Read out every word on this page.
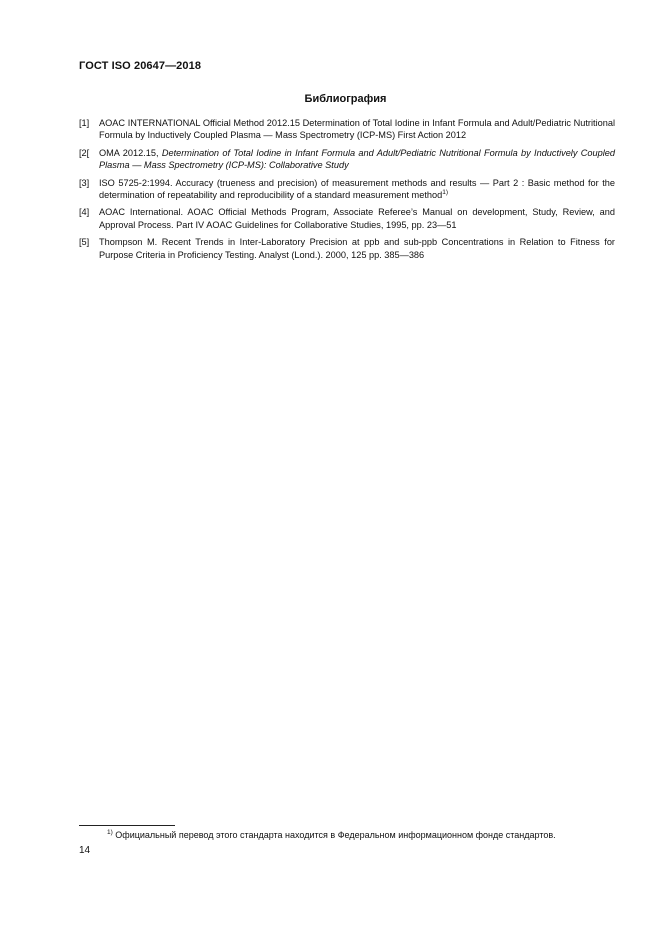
ГОСТ ISO 20647—2018
Библиография
[1]	AOAC INTERNATIONAL Official Method 2012.15 Determination of Total Iodine in Infant Formula and Adult/Pediatric Nutritional Formula by Inductively Coupled Plasma — Mass Spectrometry (ICP-MS) First Action 2012
[2[	OMA 2012.15, Determination of Total Iodine in Infant Formula and Adult/Pediatric Nutritional Formula by Inductively Coupled Plasma — Mass Spectrometry (ICP-MS): Collaborative Study
[3]	ISO 5725-2:1994. Accuracy (trueness and precision) of measurement methods and results — Part 2 : Basic method for the determination of repeatability and reproducibility of a standard measurement method$^{1)}$
[4]	AOAC International. AOAC Official Methods Program, Associate Referee’s Manual on development, Study, Review, and Approval Process. Part IV AOAC Guidelines for Collaborative Studies, 1995, pp. 23—51
[5]	Thompson M. Recent Trends in Inter-Laboratory Precision at ppb and sub-ppb Concentrations in Relation to Fitness for Purpose Criteria in Proficiency Testing. Analyst (Lond.). 2000, 125 pp. 385—386
$^{1)}$ Официальный перевод этого стандарта находится в Федеральном информационном фонде стандартов.
14
